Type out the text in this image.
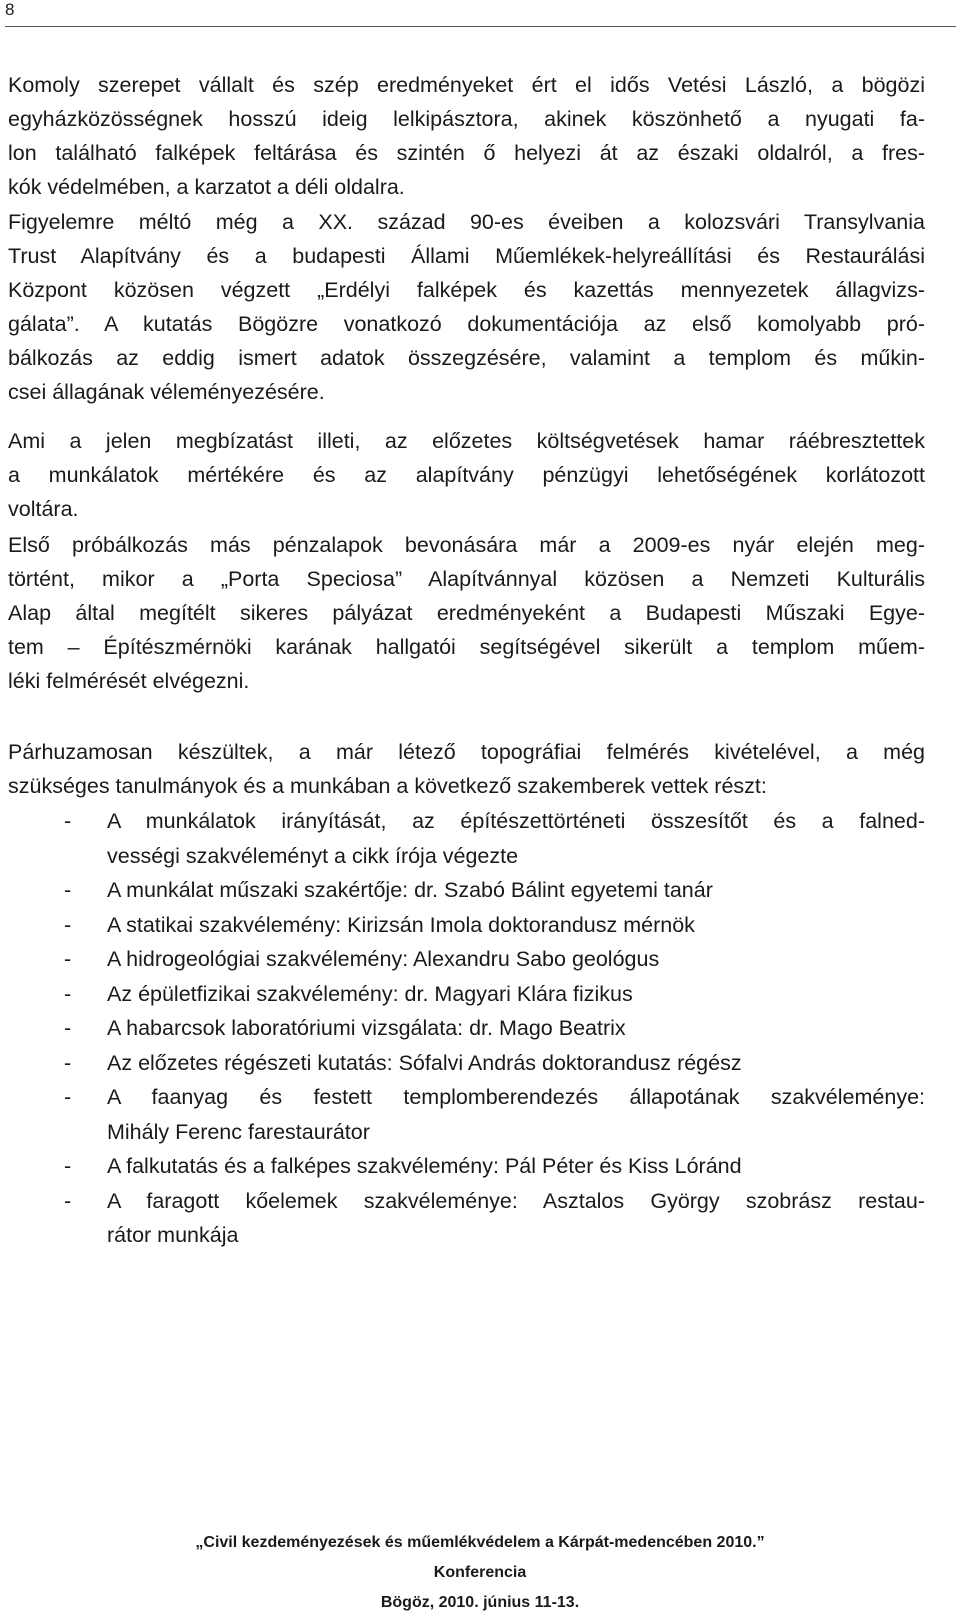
8

Komoly szerepet vállalt és szép eredményeket ért el idős Vetési László, a bögözi
egyházközösségnek hosszú ideig lelkipásztora, akinek köszönhető a nyugati fa-
lon található falképek feltárása és szintén ő helyezi át az északi oldalról, a fres-
kók védelmében, a karzatot a déli oldalra.

Figyelemre méltó még a XX. század 90-es éveiben a kolozsvári Transylvania
Trust Alapítvány és a budapesti Állami Műemlékek-helyreállítási és Restaurálási
Központ közösen végzett „Erdélyi falképek és kazettás mennyezetek állagvizs-
gálata”. A kutatás Bögözre vonatkozó dokumentációja az első komolyabb pró-
bálkozás az eddig ismert adatok összegzésére, valamint a templom és műkin-
csei állagának véleményezésére.

Ami a jelen megbízatást illeti, az előzetes költségvetések hamar ráébresztettek
a munkálatok mértékére és az alapítvány pénzügyi lehetőségének korlátozott
voltára.

Első próbálkozás más pénzalapok bevonására már a 2009-es nyár elején meg-
történt, mikor a „Porta Speciosa” Alapítvánnyal közösen a Nemzeti Kulturális
Alap által megítélt sikeres pályázat eredményeként a Budapesti Műszaki Egye-
tem – Építészmérnöki karának hallgatói segítségével sikerült a templom műem-
léki felmérését elvégezni.

Párhuzamosan készültek, a már létező topográfiai felmérés kivételével, a még
szükséges tanulmányok és a munkában a következő szakemberek vettek részt:

- A munkálatok irányítását, az építészettörténeti összesítőt és a falned-
vességi szakvéleményt a cikk írója végezte
- A munkálat műszaki szakértője: dr. Szabó Bálint egyetemi tanár
- A statikai szakvélemény: Kirizsán Imola doktorandusz mérnök
- A hidrogeológiai szakvélemény: Alexandru Sabo geológus
- Az épületfizikai szakvélemény: dr. Magyari Klára fizikus
- A habarcsok laboratóriumi vizsgálata: dr. Mago Beatrix
- Az előzetes régészeti kutatás: Sófalvi András doktorandusz régész
- A faanyag és festett templomberendezés állapotának szakvéleménye:
Mihály Ferenc farestaurátor
- A falkutatás és a falképes szakvélemény: Pál Péter és Kiss Lóránd
- A faragott kőelemek szakvéleménye: Asztalos György szobrász restau-
rátor munkája
„Civil kezdeményezések és műemlékvédelem a Kárpát-medencében 2010.”
Konferencia
Bögöz, 2010. június 11-13.
